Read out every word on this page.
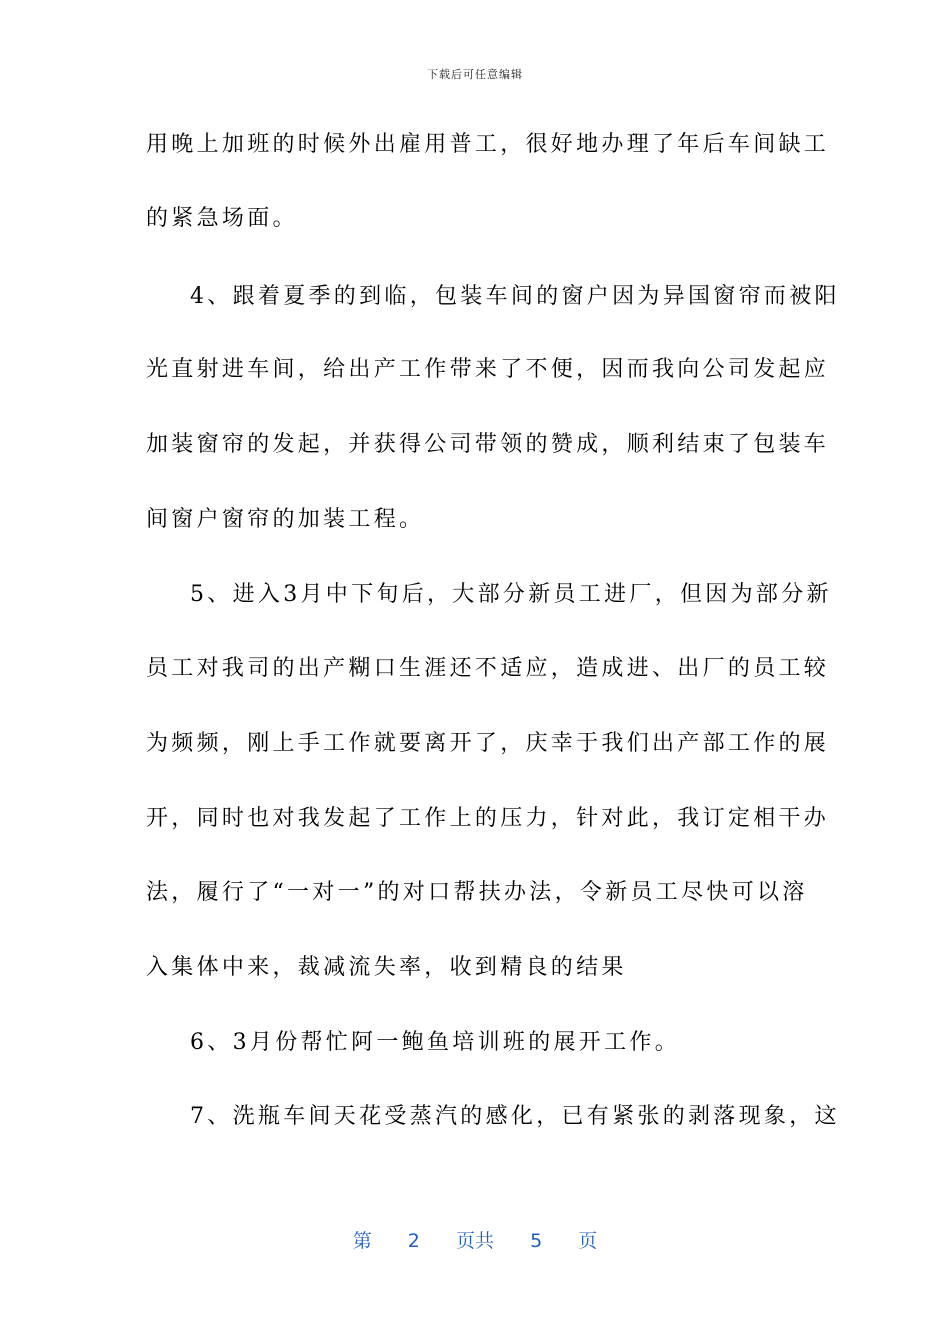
下载后可任意编辑
用晚上加班的时候外出雇用普工，很好地办理了年后车间缺工
的紧急场面。
4、跟着夏季的到临，包装车间的窗户因为异国窗帘而被阳
光直射进车间，给出产工作带来了不便，因而我向公司发起应
加装窗帘的发起，并获得公司带领的赞成，顺利结束了包装车
间窗户窗帘的加装工程。
5、进入3月中下旬后，大部分新员工进厂，但因为部分新
员工对我司的出产糊口生涯还不适应，造成进、出厂的员工较
为频频，刚上手工作就要离开了，庆幸于我们出产部工作的展
开，同时也对我发起了工作上的压力，针对此，我订定相干办
法，履行了“一对一”的对口帮扶办法，令新员工尽快可以溶
入集体中来，裁减流失率，收到精良的结果
6、3月份帮忙阿一鲍鱼培训班的展开工作。
7、洗瓶车间天花受蒸汽的感化，已有紧张的剥落现象，这
第 2 页共 5 页
